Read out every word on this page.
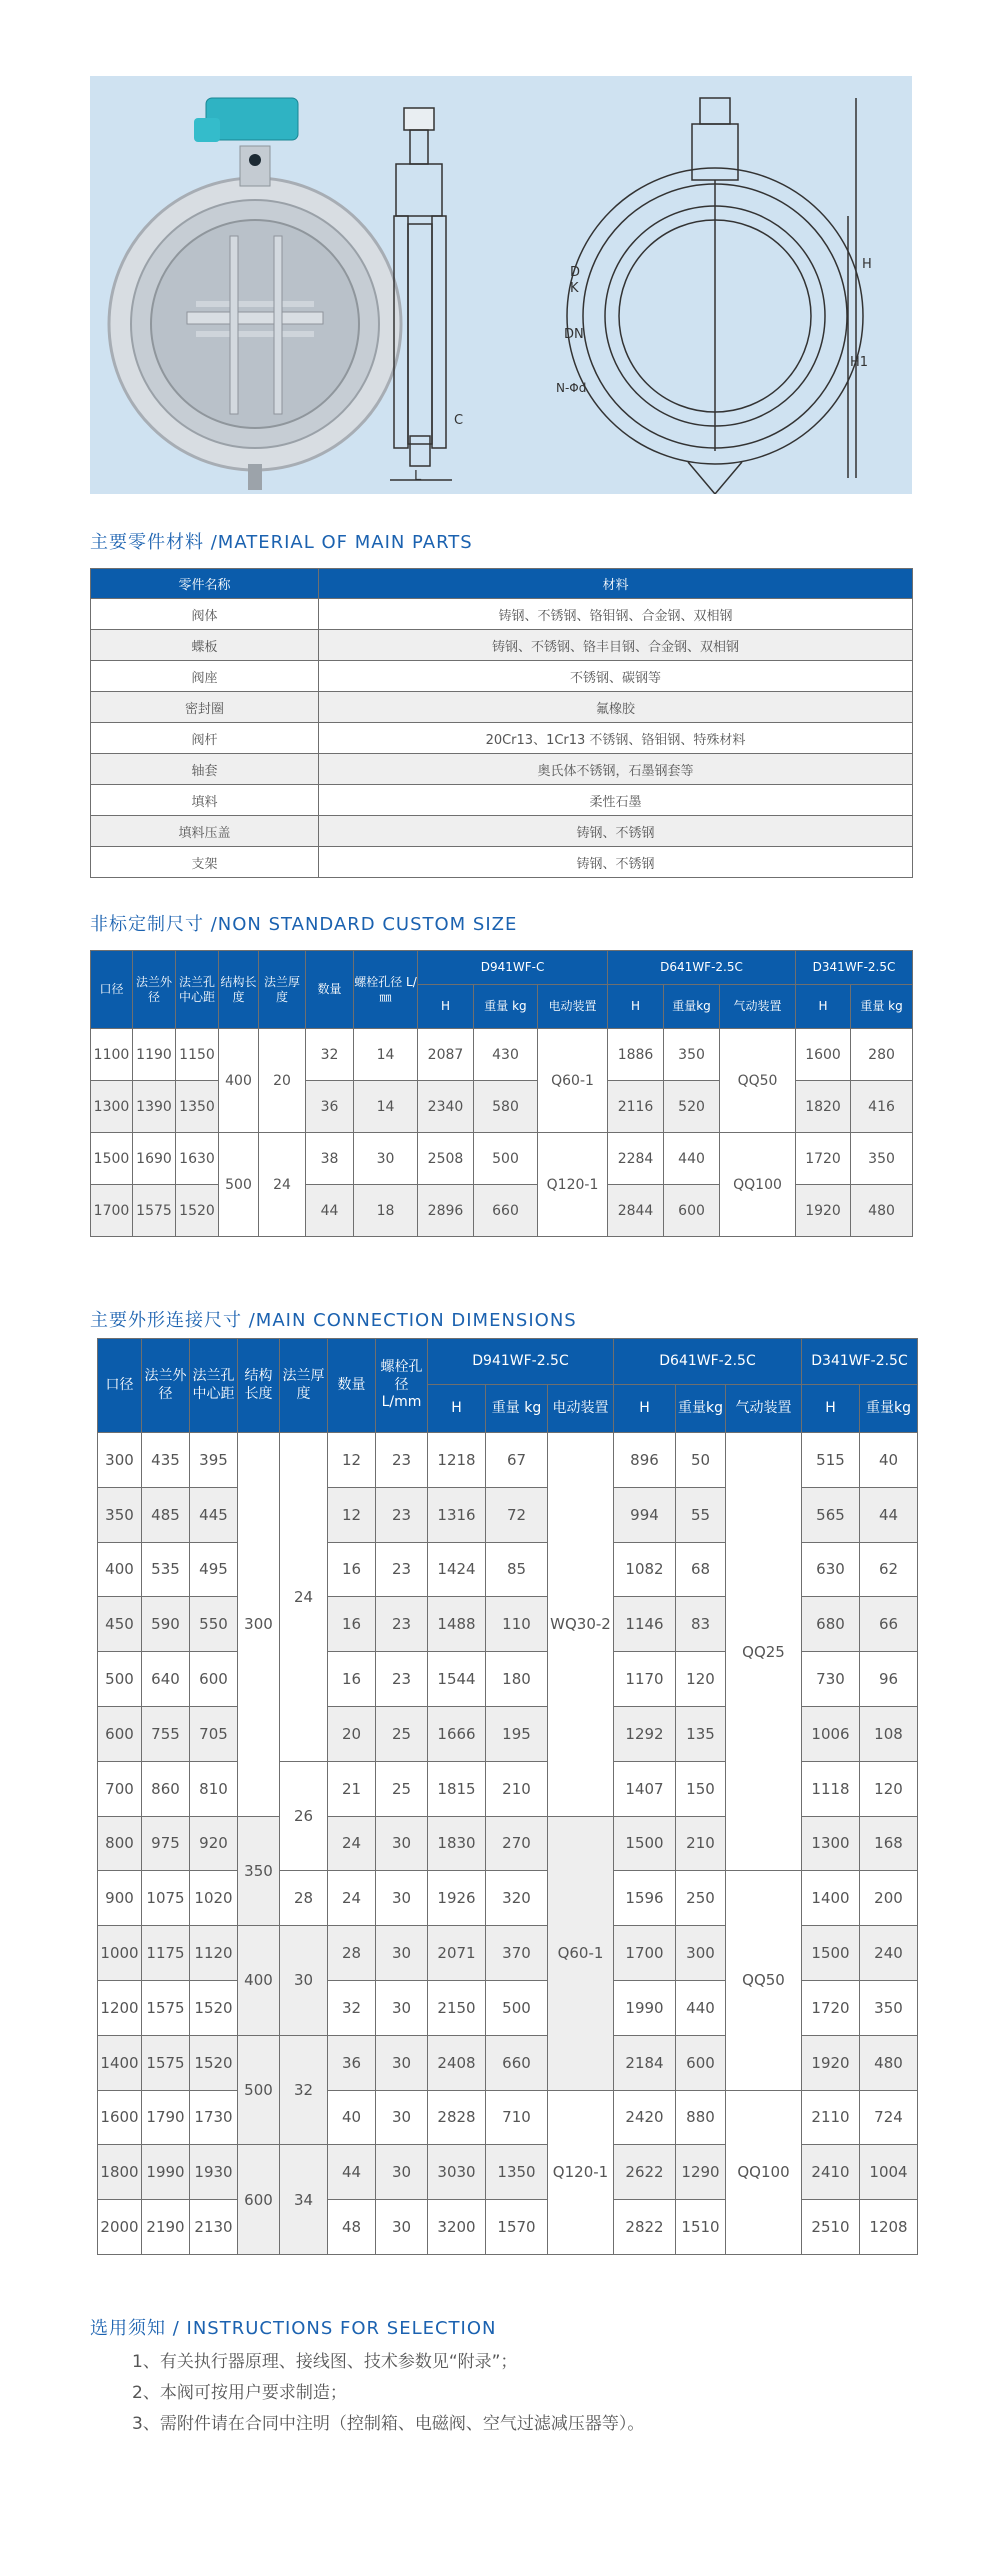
L
C
D
K
DN
N-Φd
H
H1
主要零件材料 /MATERIAL OF MAIN PARTS
零件名称	材料
阀体	铸钢、不锈钢、铬钼钢、合金钢、双相钢
蝶板	铸钢、不锈钢、铬丰目钢、合金钢、双相钢
阀座	不锈钢、碳钢等
密封圈	氟橡胶
阀杆	20Cr13、1Cr13 不锈钢、铬钼钢、特殊材料
轴套	奥氏体不锈钢，石墨钢套等
填料	柔性石墨
填料压盖	铸钢、不锈钢
支架	铸钢、不锈钢
非标定制尺寸 /NON STANDARD CUSTOM SIZE
口径	法兰外径	法兰孔中心距	结构长度	法兰厚度	数量	螺栓孔径 L/㎜	D941WF-C			D641WF-2.5C			D341WF-2.5C	
							H	重量 kg	电动装置	H	重量kg	气动装置	H	重量 kg
1100	1190	1150	400	20	32	14	2087	430	Q60-1	1886	350	QQ50	1600	280
1300	1390	1350			36	14	2340	580		2116	520		1820	416
1500	1690	1630	500	24	38	30	2508	500	Q120-1	2284	440	QQ100	1720	350
1700	1575	1520			44	18	2896	660		2844	600		1920	480
主要外形连接尺寸 /MAIN CONNECTION DIMENSIONS
口径	法兰外径	法兰孔中心距	结构长度	法兰厚度	数量	螺栓孔径 L/mm	D941WF-2.5C			D641WF-2.5C			D341WF-2.5C	
							H	重量 kg	电动装置	H	重量kg	气动装置	H	重量kg
300	435	395	300	24	12	23	1218	67	WQ30-2	896	50	QQ25	515	40
350	485	445			12	23	1316	72		994	55		565	44
400	535	495			16	23	1424	85		1082	68		630	62
450	590	550			16	23	1488	110		1146	83		680	66
500	640	600			16	23	1544	180		1170	120		730	96
600	755	705			20	25	1666	195		1292	135		1006	108
700	860	810		26	21	25	1815	210		1407	150		1118	120
800	975	920	350		24	30	1830	270	Q60-1	1500	210		1300	168
900	1075	1020		28	24	30	1926	320		1596	250	QQ50	1400	200
1000	1175	1120	400	30	28	30	2071	370		1700	300		1500	240
1200	1575	1520			32	30	2150	500		1990	440		1720	350
1400	1575	1520	500	32	36	30	2408	660		2184	600		1920	480
1600	1790	1730			40	30	2828	710	Q120-1	2420	880	QQ100	2110	724
1800	1990	1930	600	34	44	30	3030	1350		2622	1290		2410	1004
2000	2190	2130			48	30	3200	1570		2822	1510		2510	1208
选用须知 / INSTRUCTIONS FOR SELECTION
1、有关执行器原理、接线图、技术参数见“附录”；
2、本阀可按用户要求制造；
3、需附件请在合同中注明（控制箱、电磁阀、空气过滤减压器等）。
